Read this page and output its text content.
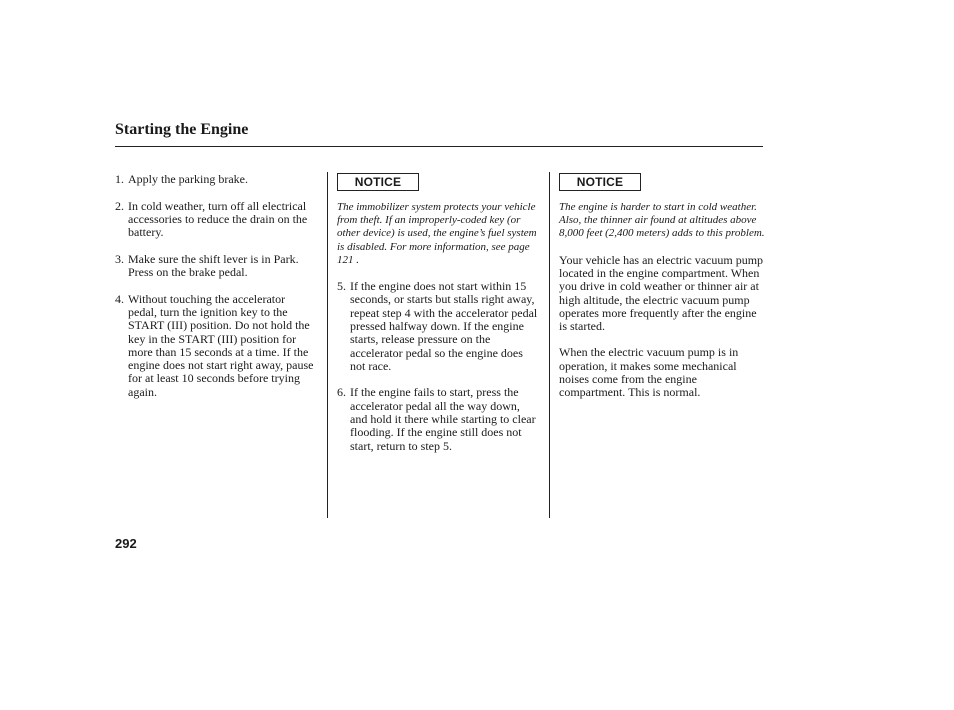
Starting the Engine
1. Apply the parking brake.
2. In cold weather, turn off all electrical accessories to reduce the drain on the battery.
3. Make sure the shift lever is in Park. Press on the brake pedal.
4. Without touching the accelerator pedal, turn the ignition key to the START (III) position. Do not hold the key in the START (III) position for more than 15 seconds at a time. If the engine does not start right away, pause for at least 10 seconds before trying again.
NOTICE

The immobilizer system protects your vehicle from theft. If an improperly-coded key (or other device) is used, the engine’s fuel system is disabled. For more information, see page 121 .

5. If the engine does not start within 15 seconds, or starts but stalls right away, repeat step 4 with the accelerator pedal pressed halfway down. If the engine starts, release pressure on the accelerator pedal so the engine does not race.
6. If the engine fails to start, press the accelerator pedal all the way down, and hold it there while starting to clear flooding. If the engine still does not start, return to step 5.
NOTICE

The engine is harder to start in cold weather. Also, the thinner air found at altitudes above 8,000 feet (2,400 meters) adds to this problem.

Your vehicle has an electric vacuum pump located in the engine compartment. When you drive in cold weather or thinner air at high altitude, the electric vacuum pump operates more frequently after the engine is started.

When the electric vacuum pump is in operation, it makes some mechanical noises come from the engine compartment. This is normal.

292
